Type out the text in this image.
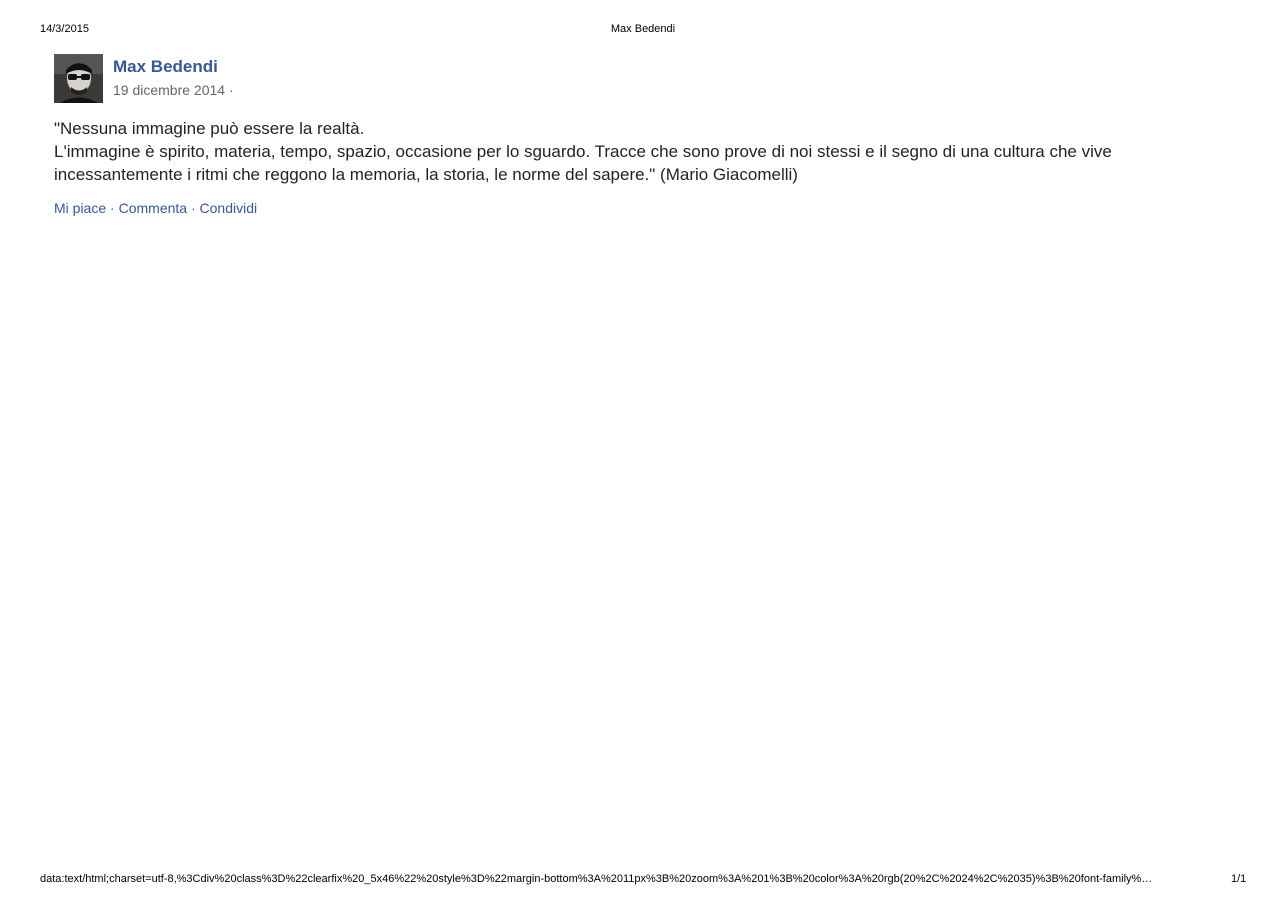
14/3/2015	Max Bedendi
Max Bedendi
19 dicembre 2014 ·

"Nessuna immagine può essere la realtà.

L'immagine è spirito, materia, tempo, spazio, occasione per lo sguardo. Tracce che sono prove di noi stessi e il segno di una cultura che vive

incessantemente i ritmi che reggono la memoria, la storia, le norme del sapere." (Mario Giacomelli)

Mi piace · Commenta · Condividi
data:text/html;charset=utf-8,%3Cdiv%20class%3D%22clearfix%20_5x46%22%20style%3D%22margin-bottom%3A%2011px%3B%20zoom%3A%201%3B%20color%3A%20rgb(20%2C%2024%2C%2035)%3B%20font-family%…	1/1
